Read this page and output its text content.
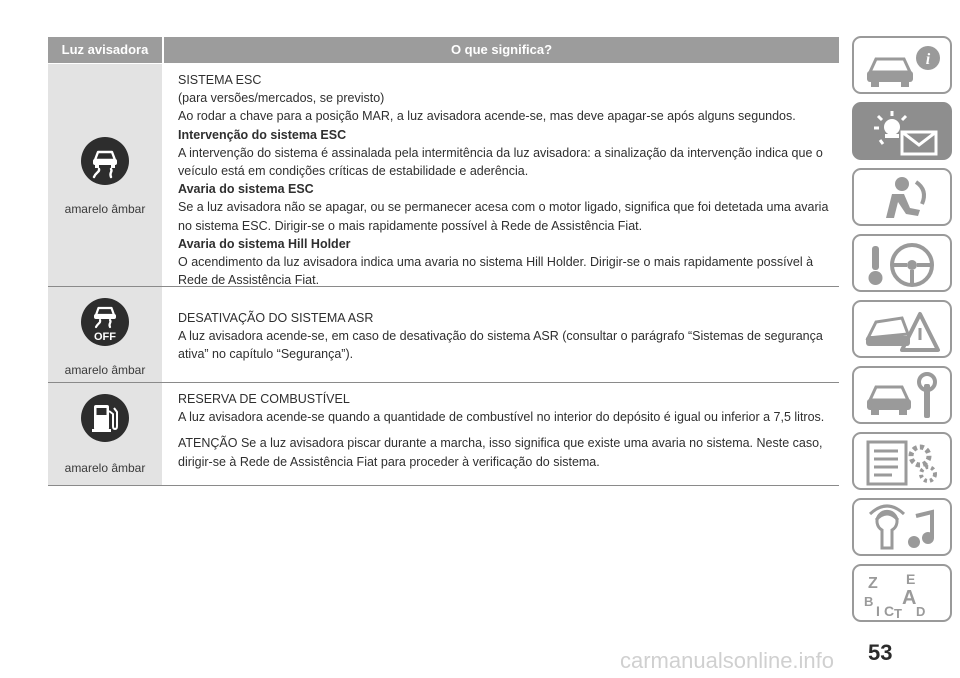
Luz avisadora	O que significa?
amarelo âmbar

SISTEMA ESC

(para versões/mercados, se previsto)

Ao rodar a chave para a posição MAR, a luz avisadora acende-se, mas deve apagar-se após alguns segundos.

Intervenção do sistema ESC

A intervenção do sistema é assinalada pela intermitência da luz avisadora: a sinalização da intervenção indica que o

veículo está em condições críticas de estabilidade e aderência.

Avaria do sistema ESC

Se a luz avisadora não se apagar, ou se permanecer acesa com o motor ligado, significa que foi detetada uma avaria

no sistema ESC. Dirigir-se o mais rapidamente possível à Rede de Assistência Fiat.

Avaria do sistema Hill Holder

O acendimento da luz avisadora indica uma avaria no sistema Hill Holder. Dirigir-se o mais rapidamente possível à

Rede de Assistência Fiat.

OFF
amarelo âmbar

DESATIVAÇÃO DO SISTEMA ASR

A luz avisadora acende-se, em caso de desativação do sistema ASR (consultar o parágrafo “Sistemas de segurança

ativa” no capítulo “Segurança”).

amarelo âmbar

RESERVA DE COMBUSTÍVEL

A luz avisadora acende-se quando a quantidade de combustível no interior do depósito é igual ou inferior a 7,5 litros.

ATENÇÃO Se a luz avisadora piscar durante a marcha, isso significa que existe uma avaria no sistema. Neste caso,

dirigir-se à Rede de Assistência Fiat para proceder à verificação do sistema.

i
Z E
B A
C D
I T
carmanualsonline.info 53
